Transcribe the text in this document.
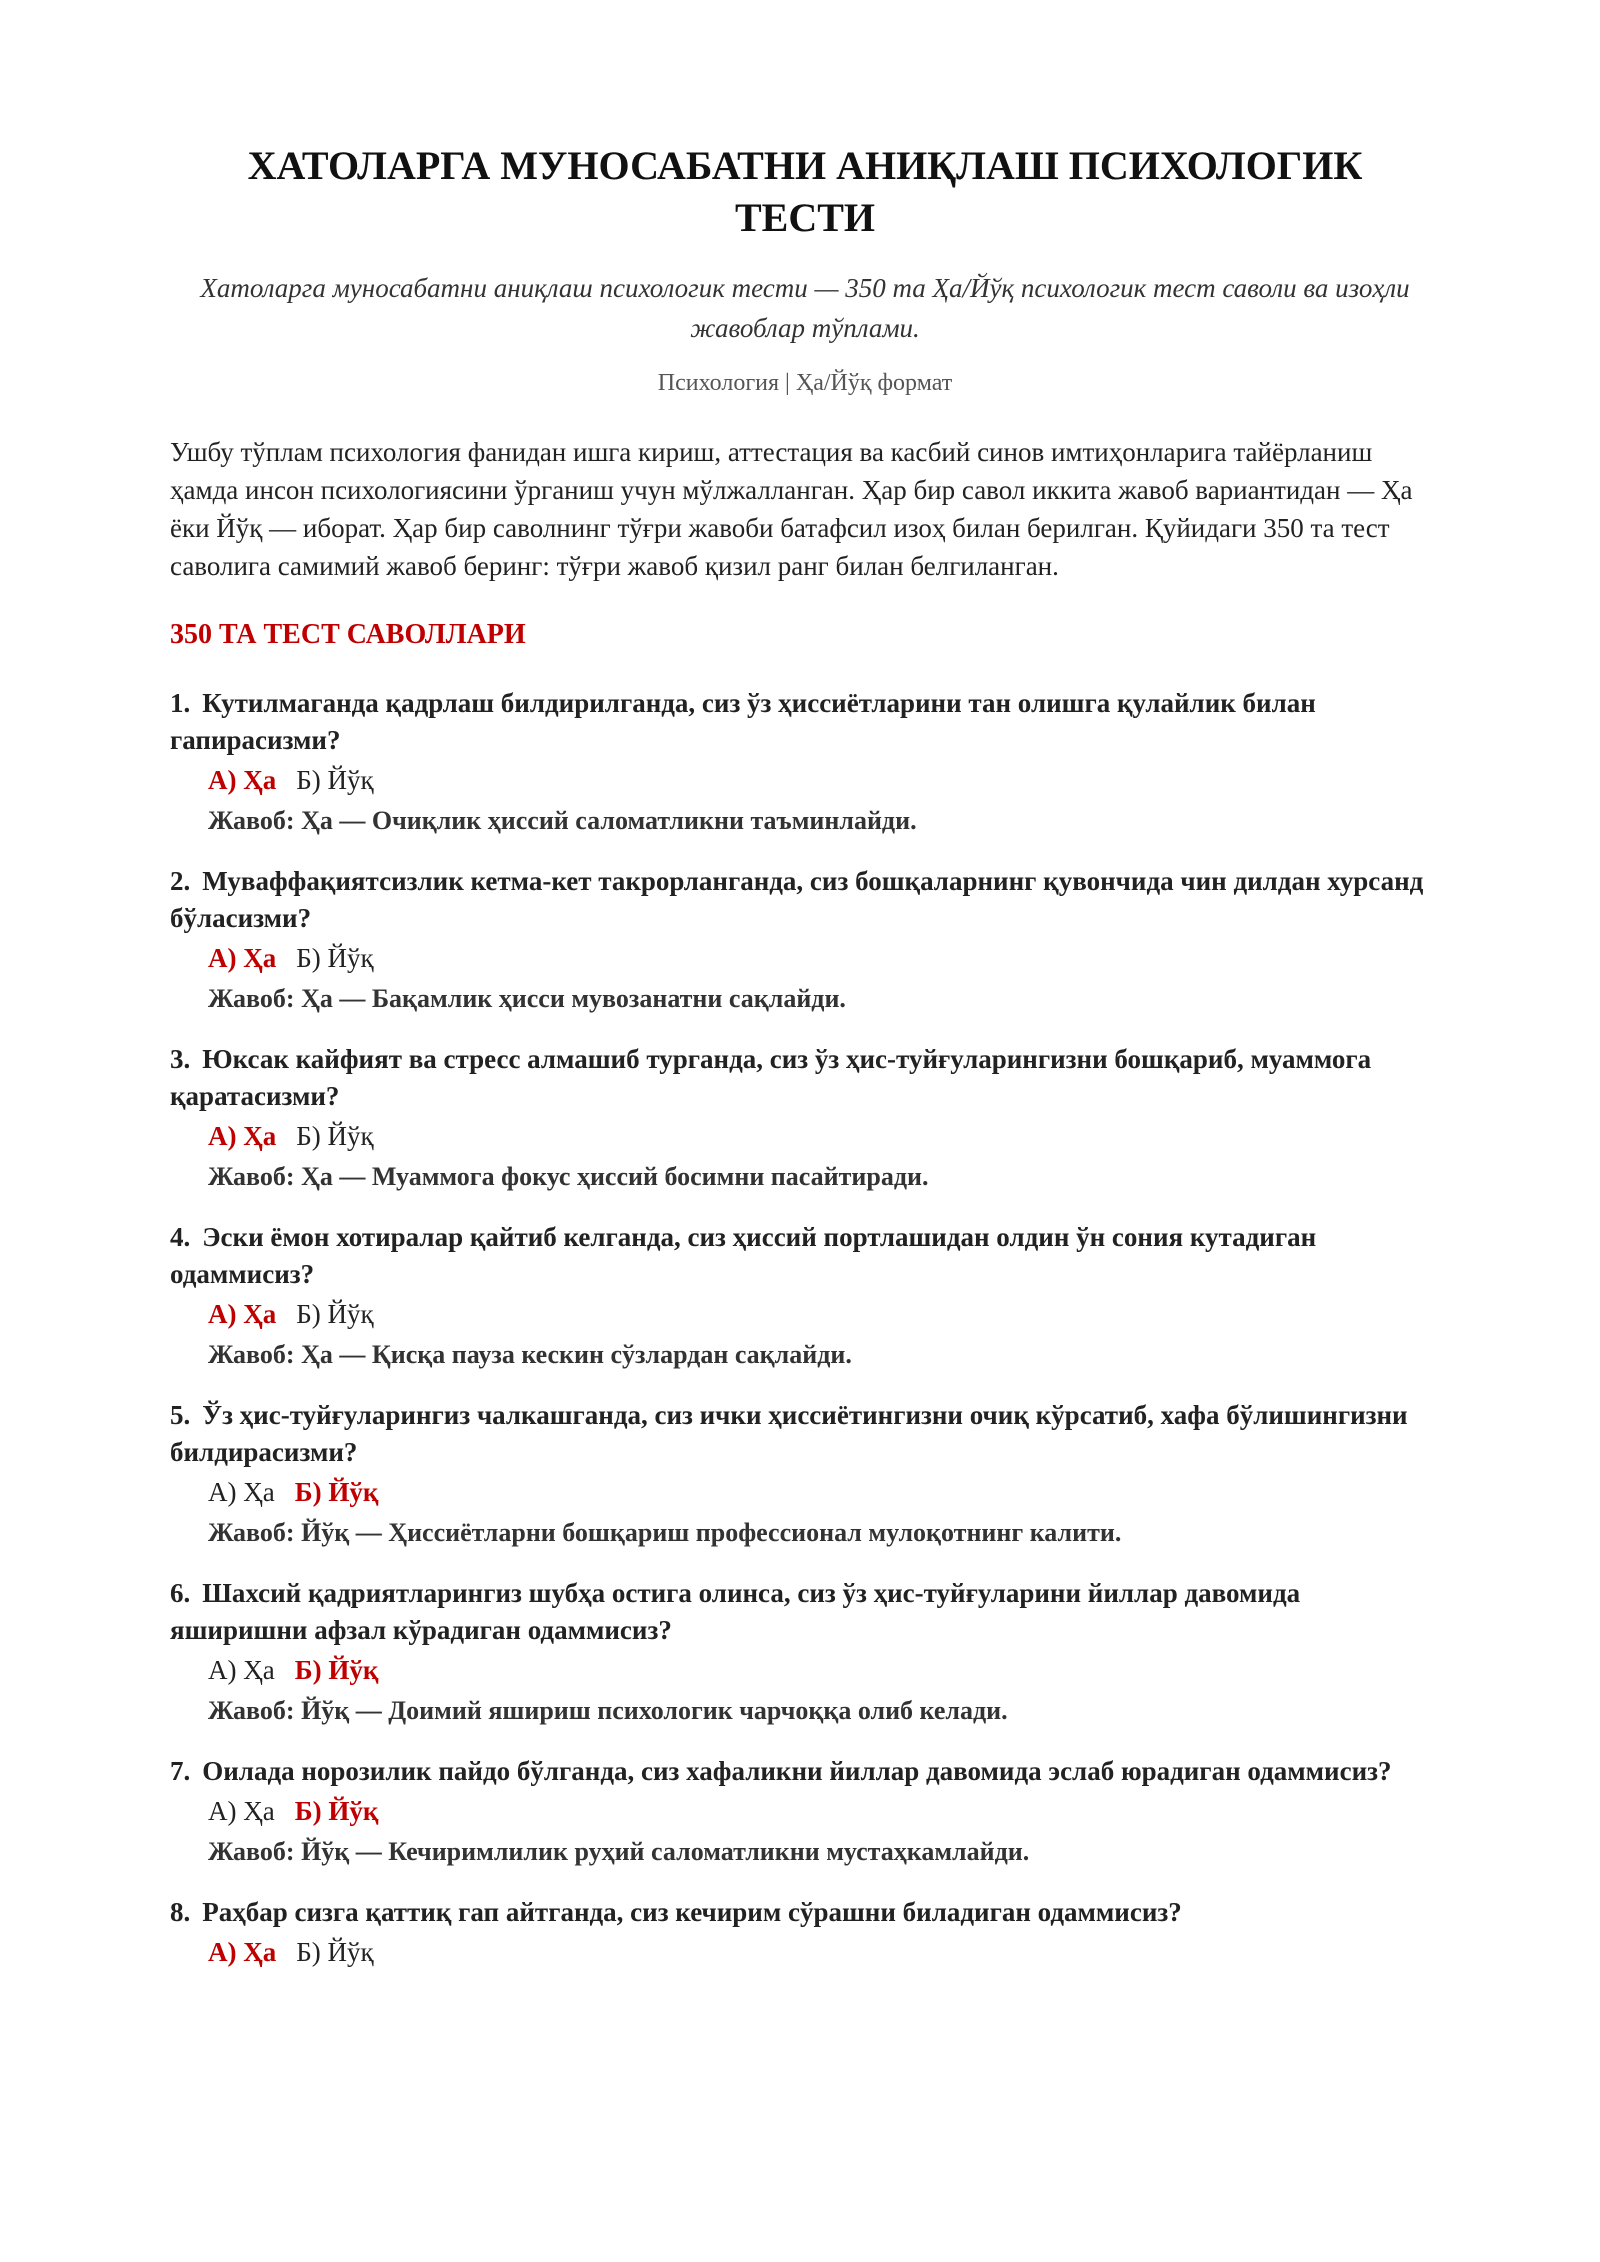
ХАТОЛАРГА МУНОСАБАТНИ АНИҚЛАШ ПСИХОЛОГИК ТЕСТИ
Хатоларга муносабатни аниқлаш психологик тести — 350 та Ҳа/Йўқ психологик тест саволи ва изоҳли жавоблар тўплами.
Психология | Ҳа/Йўқ формат
Ушбу тўплам психология фанидан ишга кириш, аттестация ва касбий синов имтиҳонларига тайёрланиш ҳамда инсон психологиясини ўрганиш учун мўлжалланган. Ҳар бир савол иккита жавоб вариантидан — Ҳа ёки Йўқ — иборат. Ҳар бир саволнинг тўғри жавоби батафсил изоҳ билан берилган. Қуйидаги 350 та тест саволига самимий жавоб беринг: тўғри жавоб қизил ранг билан белгиланган.
350 ТА ТЕСТ САВОЛЛАРИ
1. Кутилмаганда қадрлаш билдирилганда, сиз ўз ҳиссиётларини тан олишга қулайлик билан гапирасизми?
А) Ҳа Б) Йўқ
Жавоб: Ҳа — Очиқлик ҳиссий саломатликни таъминлайди.
2. Муваффақиятсизлик кетма-кет такрорланганда, сиз бошқаларнинг қувончида чин дилдан хурсанд бўласизми?
А) Ҳа Б) Йўқ
Жавоб: Ҳа — Бақамлик ҳисси мувозанатни сақлайди.
3. Юксак кайфият ва стресс алмашиб турганда, сиз ўз ҳис-туйғуларингизни бошқариб, муаммога қаратасизми?
А) Ҳа Б) Йўқ
Жавоб: Ҳа — Муаммога фокус ҳиссий босимни пасайтиради.
4. Эски ёмон хотиралар қайтиб келганда, сиз ҳиссий портлашидан олдин ўн сония кутадиган одаммисиз?
А) Ҳа Б) Йўқ
Жавоб: Ҳа — Қисқа пауза кескин сўзлардан сақлайди.
5. Ўз ҳис-туйғуларингиз чалкашганда, сиз ички ҳиссиётингизни очиқ кўрсатиб, хафа бўлишингизни билдирасизми?
А) Ҳа Б) Йўқ
Жавоб: Йўқ — Ҳиссиётларни бошқариш профессионал мулоқотнинг калити.
6. Шахсий қадриятларингиз шубҳа остига олинса, сиз ўз ҳис-туйғуларини йиллар давомида яширишни афзал кўрадиган одаммисиз?
А) Ҳа Б) Йўқ
Жавоб: Йўқ — Доимий яшириш психологик чарчоққа олиб келади.
7. Оилада норозилик пайдо бўлганда, сиз хафаликни йиллар давомида эслаб юрадиган одаммисиз?
А) Ҳа Б) Йўқ
Жавоб: Йўқ — Кечиримлилик руҳий саломатликни мустаҳкамлайди.
8. Раҳбар сизга қаттиқ гап айтганда, сиз кечирим сўрашни биладиган одаммисиз?
А) Ҳа Б) Йўқ
